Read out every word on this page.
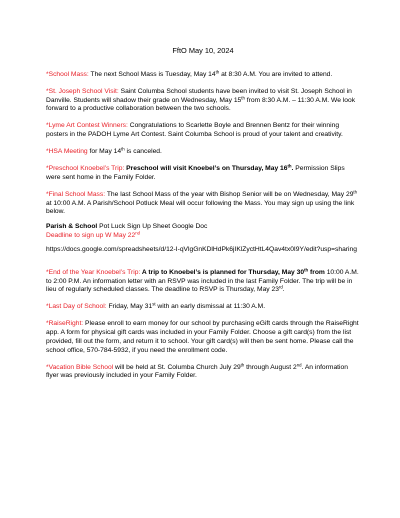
FftO May 10, 2024
*School Mass: The next School Mass is Tuesday, May 14th at 8:30 A.M. You are invited to attend.
*St. Joseph School Visit: Saint Columba School students have been invited to visit St. Joseph School in Danville. Students will shadow their grade on Wednesday, May 15th from 8:30 A.M. – 11:30 A.M. We look forward to a productive collaboration between the two schools.
*Lyme Art Contest Winners: Congratulations to Scarlette Boyle and Brennen Bentz for their winning posters in the PADOH Lyme Art Contest. Saint Columba School is proud of your talent and creativity.
*HSA Meeting for May 14th is canceled.
*Preschool Knoebel’s Trip: Preschool will visit Knoebel’s on Thursday, May 16th. Permission Slips were sent home in the Family Folder.
*Final School Mass: The last School Mass of the year with Bishop Senior will be on Wednesday, May 29th at 10:00 A.M. A Parish/School Potluck Meal will occur following the Mass. You may sign up using the link below.
Parish & School Pot Luck Sign Up Sheet Google Doc
Deadline to sign up W May 22nd
https://docs.google.com/spreadsheets/d/12-I-qVlgGnKDlHdPk6jIKlZyctHtL4Qav4tx0I9Y/edit?usp=sharing
*End of the Year Knoebel’s Trip: A trip to Knoebel’s is planned for Thursday, May 30th from 10:00 A.M. to 2:00 P.M. An information letter with an RSVP was included in the last Family Folder. The trip will be in lieu of regularly scheduled classes. The deadline to RSVP is Thursday, May 23rd.
*Last Day of School: Friday, May 31st with an early dismissal at 11:30 A.M.
*RaiseRight: Please enroll to earn money for our school by purchasing eGift cards through the RaiseRight app. A form for physical gift cards was included in your Family Folder. Choose a gift card(s) from the list provided, fill out the form, and return it to school. Your gift card(s) will then be sent home. Please call the school office, 570-784-5932, if you need the enrollment code.
*Vacation Bible School will be held at St. Columba Church July 29th through August 2nd. An information flyer was previously included in your Family Folder.
